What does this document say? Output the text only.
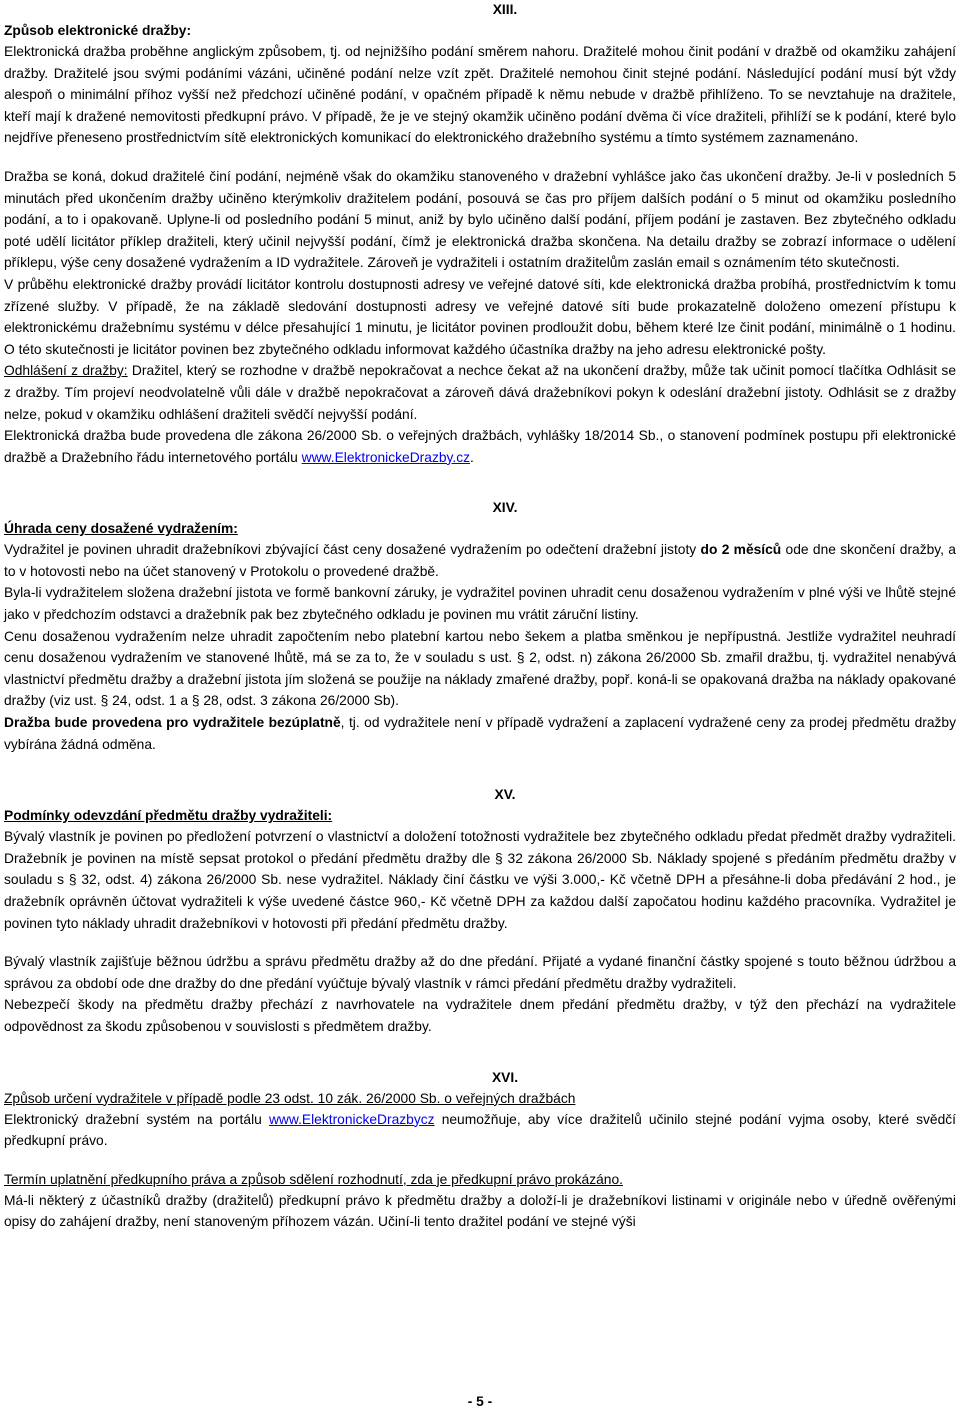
XIII.
Způsob elektronické dražby:

Elektronická dražba proběhne anglickým způsobem, tj. od nejnižšího podání směrem nahoru. Dražitelé mohou činit podání v dražbě od okamžiku zahájení dražby. Dražitelé jsou svými podáními vázáni, učiněné podání nelze vzít zpět. Dražitelé nemohou činit stejné podání. Následující podání musí být vždy alespoň o minimální příhoz vyšší než předchozí učiněné podání, v opačném případě k němu nebude v dražbě přihlíženo. To se nevztahuje na dražitele, kteří mají k dražené nemovitosti předkupní právo. V případě, že je ve stejný okamžik učiněno podání dvěma či více dražiteli, přihlíží se k podání, které bylo nejdříve přeneseno prostřednictvím sítě elektronických komunikací do elektronického dražebního systému a tímto systémem zaznamenáno.

Dražba se koná, dokud dražitelé činí podání, nejméně však do okamžiku stanoveného v dražební vyhlášce jako čas ukončení dražby. Je-li v posledních 5 minutách před ukončením dražby učiněno kterýmkoliv dražitelem podání, posouvá se čas pro příjem dalších podání o 5 minut od okamžiku posledního podání, a to i opakovaně. Uplyne-li od posledního podání 5 minut, aniž by bylo učiněno další podání, příjem podání je zastaven. Bez zbytečného odkladu poté udělí licitátor příklep dražiteli, který učinil nejvyšší podání, čímž je elektronická dražba skončena. Na detailu dražby se zobrazí informace o udělení příklepu, výše ceny dosažené vydražením a ID vydražitele. Zároveň je vydražiteli i ostatním dražitelům zaslán email s oznámením této skutečnosti.

V průběhu elektronické dražby provádí licitátor kontrolu dostupnosti adresy ve veřejné datové síti, kde elektronická dražba probíhá, prostřednictvím k tomu zřízené služby. V případě, že na základě sledování dostupnosti adresy ve veřejné datové síti bude prokazatelně doloženo omezení přístupu k elektronickému dražebnímu systému v délce přesahující 1 minutu, je licitátor povinen prodloužit dobu, během které lze činit podání, minimálně o 1 hodinu. O této skutečnosti je licitátor povinen bez zbytečného odkladu informovat každého účastníka dražby na jeho adresu elektronické pošty.

Odhlášení z dražby: Dražitel, který se rozhodne v dražbě nepokračovat a nechce čekat až na ukončení dražby, může tak učinit pomocí tlačítka Odhlásit se z dražby. Tím projeví neodvolatelně vůli dále v dražbě nepokračovat a zároveň dává dražebníkovi pokyn k odeslání dražební jistoty. Odhlásit se z dražby nelze, pokud v okamžiku odhlášení dražiteli svědčí nejvyšší podání.

Elektronická dražba bude provedena dle zákona 26/2000 Sb. o veřejných dražbách, vyhlášky 18/2014 Sb., o stanovení podmínek postupu při elektronické dražbě a Dražebního řádu internetového portálu www.ElektronickeDrazby.cz.

XIV.
Úhrada ceny dosažené vydražením:

Vydražitel je povinen uhradit dražebníkovi zbývající část ceny dosažené vydražením po odečtení dražební jistoty do 2 měsíců ode dne skončení dražby, a to v hotovosti nebo na účet stanovený v Protokolu o provedené dražbě.

Byla-li vydražitelem složena dražební jistota ve formě bankovní záruky, je vydražitel povinen uhradit cenu dosaženou vydražením v plné výši ve lhůtě stejné jako v předchozím odstavci a dražebník pak bez zbytečného odkladu je povinen mu vrátit záruční listiny.

Cenu dosaženou vydražením nelze uhradit započtením nebo platební kartou nebo šekem a platba směnkou je nepřípustná. Jestliže vydražitel neuhradí cenu dosaženou vydražením ve stanovené lhůtě, má se za to, že v souladu s ust. § 2, odst. n) zákona 26/2000 Sb. zmařil dražbu, tj. vydražitel nenabývá vlastnictví předmětu dražby a dražební jistota jím složená se použije na náklady zmařené dražby, popř. koná-li se opakovaná dražba na náklady opakované dražby (viz ust. § 24, odst. 1 a § 28, odst. 3 zákona 26/2000 Sb).

Dražba bude provedena pro vydražitele bezúplatně, tj. od vydražitele není v případě vydražení a zaplacení vydražené ceny za prodej předmětu dražby vybírána žádná odměna.

XV.
Podmínky odevzdání předmětu dražby vydražiteli:

Bývalý vlastník je povinen po předložení potvrzení o vlastnictví a doložení totožnosti vydražitele bez zbytečného odkladu předat předmět dražby vydražiteli. Dražebník je povinen na místě sepsat protokol o předání předmětu dražby dle § 32 zákona 26/2000 Sb. Náklady spojené s předáním předmětu dražby v souladu s § 32, odst. 4) zákona 26/2000 Sb. nese vydražitel. Náklady činí částku ve výši 3.000,- Kč včetně DPH a přesáhne-li doba předávání 2 hod., je dražebník oprávněn účtovat vydražiteli k výše uvedené částce 960,- Kč včetně DPH za každou další započatou hodinu každého pracovníka. Vydražitel je povinen tyto náklady uhradit dražebníkovi v hotovosti při předání předmětu dražby.

Bývalý vlastník zajišťuje běžnou údržbu a správu předmětu dražby až do dne předání. Přijaté a vydané finanční částky spojené s touto běžnou údržbou a správou za období ode dne dražby do dne předání vyúčtuje bývalý vlastník v rámci předání předmětu dražby vydražiteli.

Nebezpečí škody na předmětu dražby přechází z navrhovatele na vydražitele dnem předání předmětu dražby, v týž den přechází na vydražitele odpovědnost za škodu způsobenou v souvislosti s předmětem dražby.

XVI.
Způsob určení vydražitele v případě podle 23 odst. 10 zák. 26/2000 Sb. o veřejných dražbách

Elektronický dražební systém na portálu www.ElektronickeDrazbycz neumožňuje, aby více dražitelů učinilo stejné podání vyjma osoby, které svědčí předkupní právo.

Termín uplatnění předkupního práva a způsob sdělení rozhodnutí, zda je předkupní právo prokázáno.

Má-li některý z účastníků dražby (dražitelů) předkupní právo k předmětu dražby a doloží-li je dražebníkovi listinami v originále nebo v úředně ověřenými opisy do zahájení dražby, není stanoveným příhozem vázán. Učiní-li tento dražitel podání ve stejné výši

- 5 -
